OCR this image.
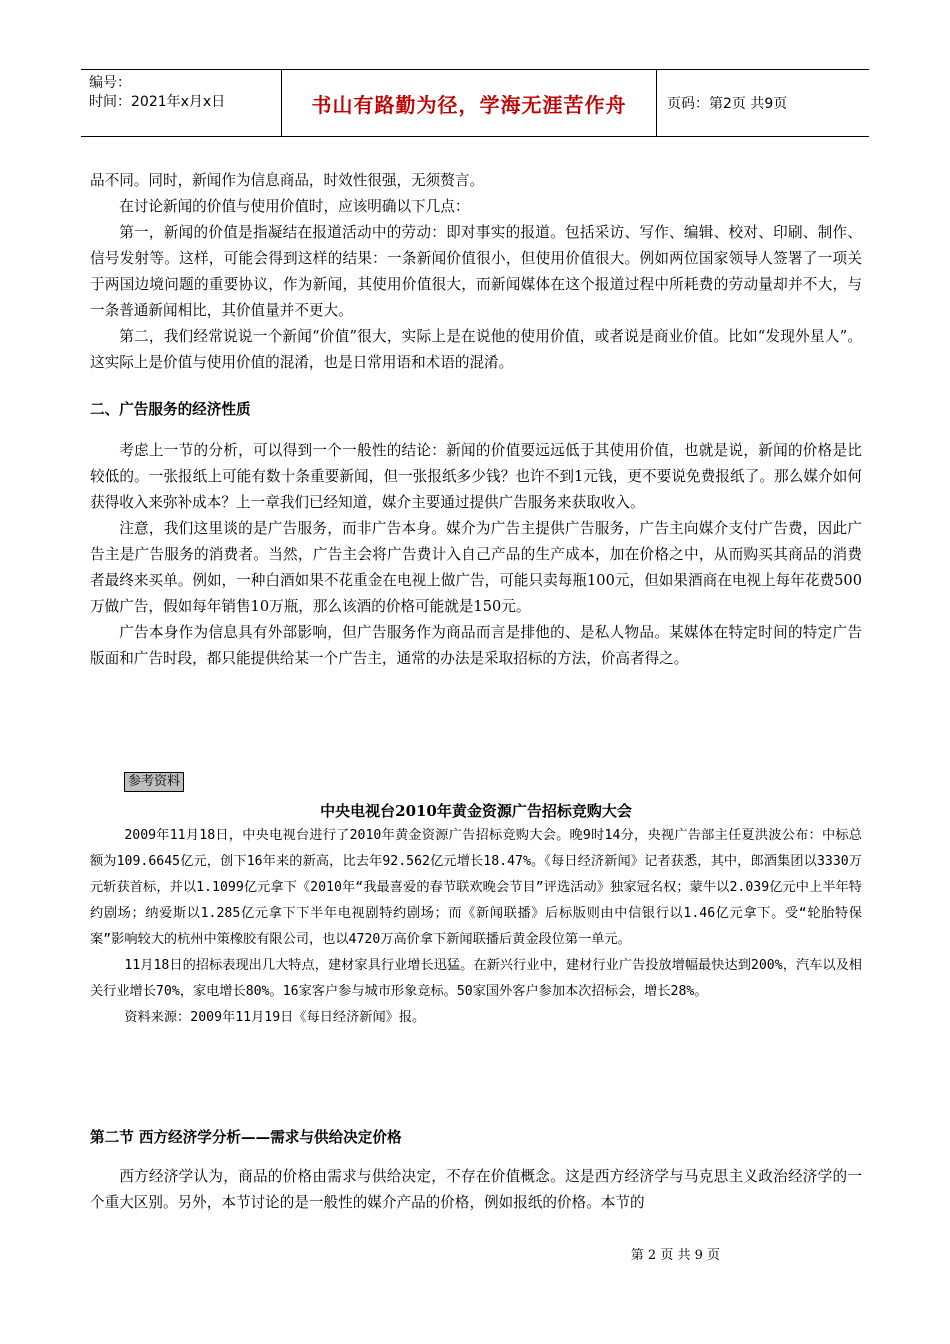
编号：
时间：2021年x月x日	书山有路勤为径，学海无涯苦作舟	页码：第2页 共9页

品不同。同时，新闻作为信息商品，时效性很强，无须赘言。

在讨论新闻的价值与使用价值时，应该明确以下几点：

第一，新闻的价值是指凝结在报道活动中的劳动：即对事实的报道。包括采访、写作、编辑、校对、印刷、制作、信号发射等。这样，可能会得到这样的结果：一条新闻价值很小，但使用价值很大。例如两位国家领导人签署了一项关于两国边境问题的重要协议，作为新闻，其使用价值很大，而新闻媒体在这个报道过程中所耗费的劳动量却并不大，与一条普通新闻相比，其价值量并不更大。

第二，我们经常说说一个新闻“价值”很大，实际上是在说他的使用价值，或者说是商业价值。比如“发现外星人”。这实际上是价值与使用价值的混淆，也是日常用语和术语的混淆。

二、广告服务的经济性质

考虑上一节的分析，可以得到一个一般性的结论：新闻的价值要远远低于其使用价值，也就是说，新闻的价格是比较低的。一张报纸上可能有数十条重要新闻，但一张报纸多少钱？也许不到1元钱，更不要说免费报纸了。那么媒介如何获得收入来弥补成本？上一章我们已经知道，媒介主要通过提供广告服务来获取收入。

注意，我们这里谈的是广告服务，而非广告本身。媒介为广告主提供广告服务，广告主向媒介支付广告费，因此广告主是广告服务的消费者。当然，广告主会将广告费计入自己产品的生产成本，加在价格之中，从而购买其商品的消费者最终来买单。例如，一种白酒如果不花重金在电视上做广告，可能只卖每瓶100元，但如果酒商在电视上每年花费500万做广告，假如每年销售10万瓶，那么该酒的价格可能就是150元。

广告本身作为信息具有外部影响，但广告服务作为商品而言是排他的、是私人物品。某媒体在特定时间的特定广告版面和广告时段，都只能提供给某一个广告主，通常的办法是采取招标的方法，价高者得之。

参考资料
中央电视台2010年黄金资源广告招标竞购大会

2009年11月18日，中央电视台进行了2010年黄金资源广告招标竞购大会。晚9时14分，央视广告部主任夏洪波公布：中标总额为109.6645亿元，创下16年来的新高，比去年92.562亿元增长18.47%。《每日经济新闻》记者获悉，其中，郎酒集团以3330万元斩获首标，并以1.1099亿元拿下《2010年“我最喜爱的春节联欢晚会节目”评选活动》独家冠名权；蒙牛以2.039亿元中上半年特约剧场；纳爱斯以1.285亿元拿下下半年电视剧特约剧场；而《新闻联播》后标版则由中信银行以1.46亿元拿下。受“轮胎特保案”影响较大的杭州中策橡胶有限公司，也以4720万高价拿下新闻联播后黄金段位第一单元。

11月18日的招标表现出几大特点，建材家具行业增长迅猛。在新兴行业中，建材行业广告投放增幅最快达到200%，汽车以及相关行业增长70%，家电增长80%。16家客户参与城市形象竞标。50家国外客户参加本次招标会，增长28%。

资料来源：2009年11月19日《每日经济新闻》报。

第二节 西方经济学分析——需求与供给决定价格

西方经济学认为，商品的价格由需求与供给决定，不存在价值概念。这是西方经济学与马克思主义政治经济学的一个重大区别。另外，本节讨论的是一般性的媒介产品的价格，例如报纸的价格。本节的

第 2 页 共 9 页
